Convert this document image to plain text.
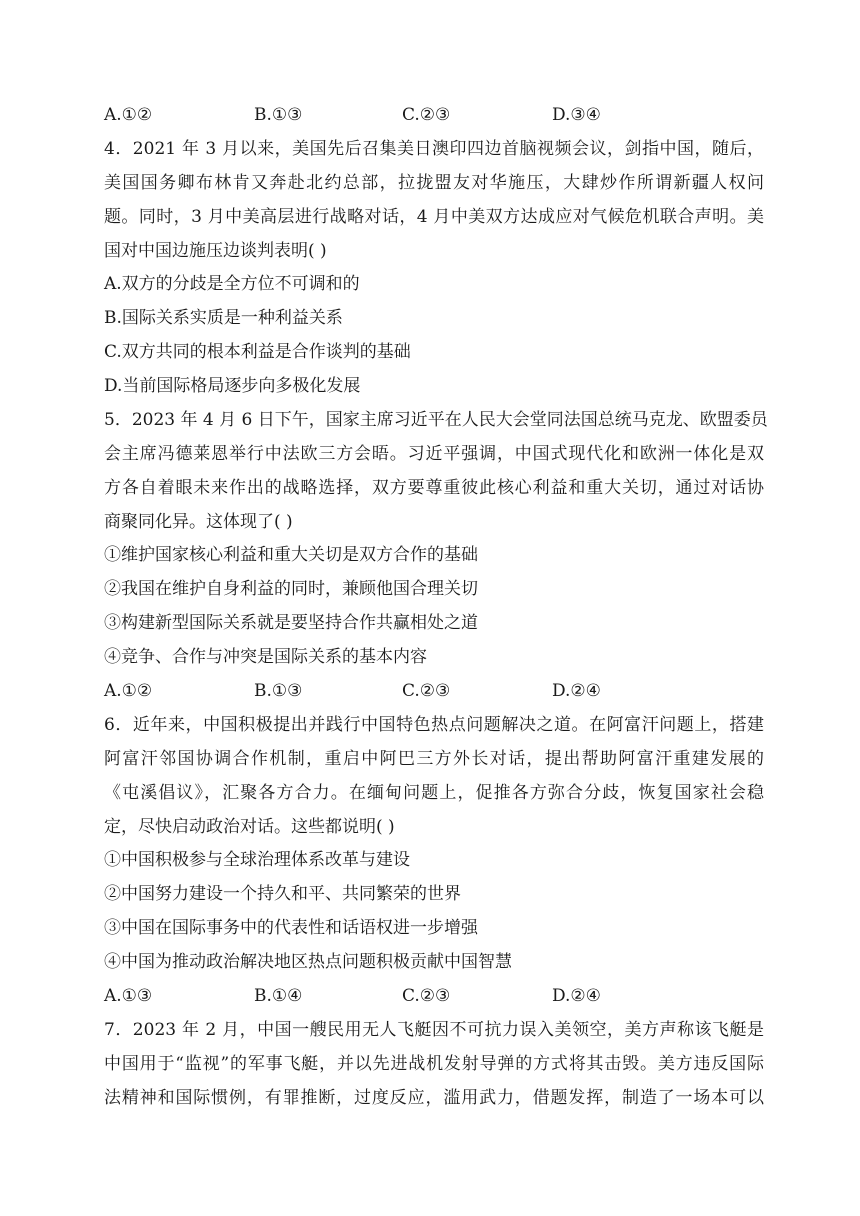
A.①②	B.①③	C.②③	D.③④
4．2021 年 3 月以来，美国先后召集美日澳印四边首脑视频会议，剑指中国，随后，
美国国务卿布林肯又奔赴北约总部，拉拢盟友对华施压，大肆炒作所谓新疆人权问
题。同时，3 月中美高层进行战略对话，4 月中美双方达成应对气候危机联合声明。美
国对中国边施压边谈判表明( )
A.双方的分歧是全方位不可调和的
B.国际关系实质是一种利益关系
C.双方共同的根本利益是合作谈判的基础
D.当前国际格局逐步向多极化发展
5．2023 年 4 月 6 日下午，国家主席习近平在人民大会堂同法国总统马克龙、欧盟委员
会主席冯德莱恩举行中法欧三方会晤。习近平强调，中国式现代化和欧洲一体化是双
方各自着眼未来作出的战略选择，双方要尊重彼此核心利益和重大关切，通过对话协
商聚同化异。这体现了( )
①维护国家核心利益和重大关切是双方合作的基础
②我国在维护自身利益的同时，兼顾他国合理关切
③构建新型国际关系就是要坚持合作共赢相处之道
④竞争、合作与冲突是国际关系的基本内容
A.①②	B.①③	C.②③	D.②④
6．近年来，中国积极提出并践行中国特色热点问题解决之道。在阿富汗问题上，搭建
阿富汗邻国协调合作机制，重启中阿巴三方外长对话，提出帮助阿富汗重建发展的
《屯溪倡议》，汇聚各方合力。在缅甸问题上，促推各方弥合分歧，恢复国家社会稳
定，尽快启动政治对话。这些都说明( )
①中国积极参与全球治理体系改革与建设
②中国努力建设一个持久和平、共同繁荣的世界
③中国在国际事务中的代表性和话语权进一步增强
④中国为推动政治解决地区热点问题积极贡献中国智慧
A.①③	B.①④	C.②③	D.②④
7．2023 年 2 月，中国一艘民用无人飞艇因不可抗力误入美领空，美方声称该飞艇是
中国用于“监视”的军事飞艇，并以先进战机发射导弹的方式将其击毁。美方违反国际
法精神和国际惯例，有罪推断，过度反应，滥用武力，借题发挥，制造了一场本可以
